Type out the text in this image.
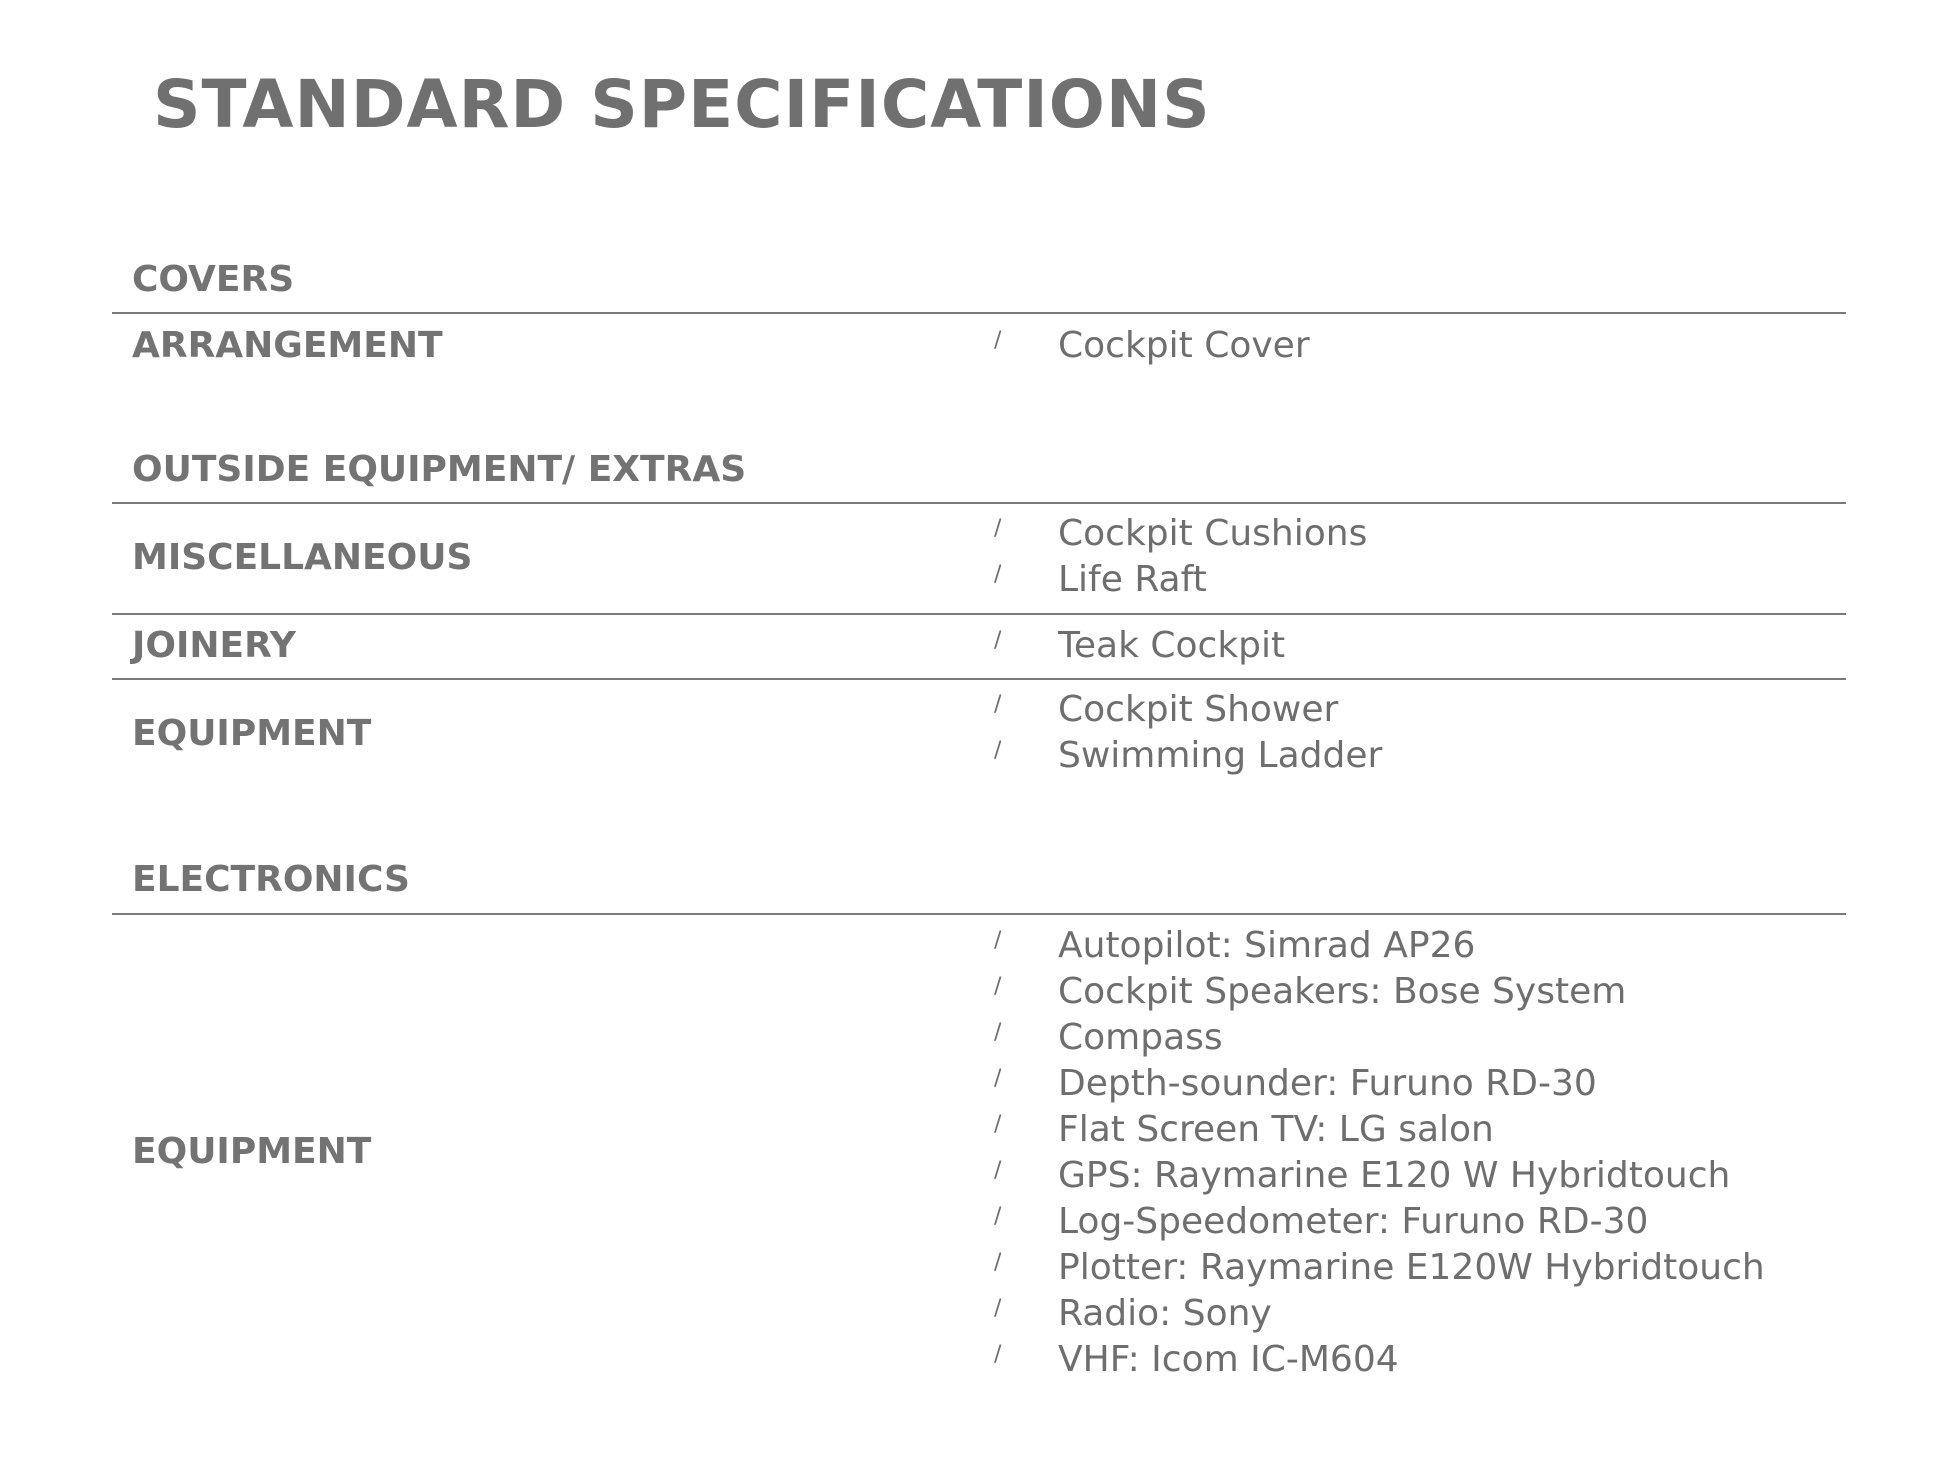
STANDARD SPECIFICATIONS
COVERS
ARRANGEMENT	/ Cockpit Cover
OUTSIDE EQUIPMENT/ EXTRAS
MISCELLANEOUS
/ Cockpit Cushions
/ Life Raft
JOINERY	/ Teak Cockpit
EQUIPMENT
/ Cockpit Shower
/ Swimming Ladder
ELECTRONICS
EQUIPMENT
/ Autopilot: Simrad AP26
/ Cockpit Speakers: Bose System
/ Compass
/ Depth-sounder: Furuno RD-30
/ Flat Screen TV: LG salon
/ GPS: Raymarine E120 W Hybridtouch
/ Log-Speedometer: Furuno RD-30
/ Plotter: Raymarine E120W Hybridtouch
/ Radio: Sony
/ VHF: Icom IC-M604
